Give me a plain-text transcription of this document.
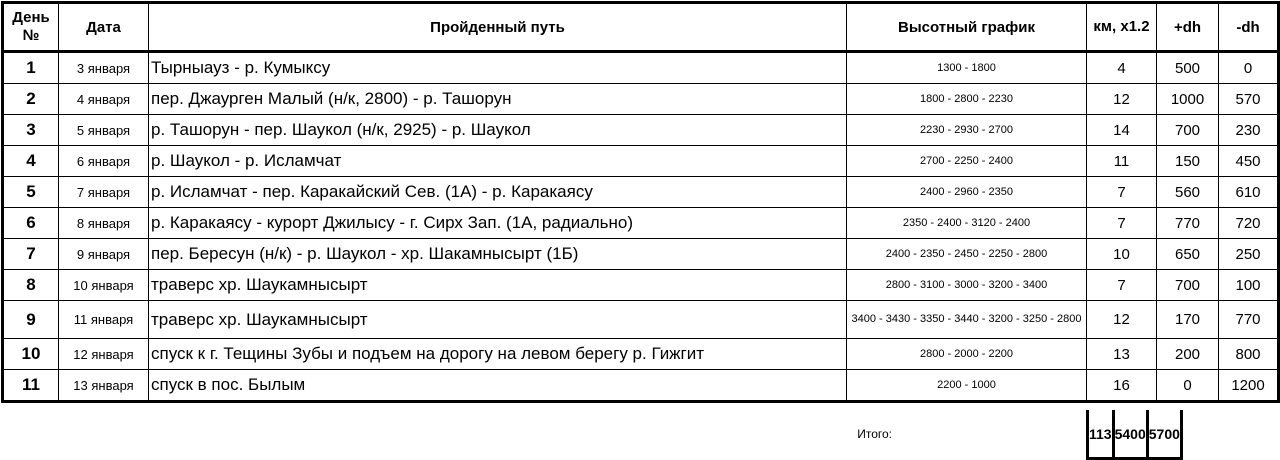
День №	Дата	Пройденный путь	Высотный график	км, x1.2	+dh	-dh
1	3 января	Тырныауз - р. Кумыксу	1300 - 1800	4	500	0
2	4 января	пер. Джаурген Малый (н/к, 2800) - р. Ташорун	1800 - 2800 - 2230	12	1000	570
3	5 января	р. Ташорун - пер. Шаукол (н/к, 2925) - р. Шаукол	2230 - 2930 - 2700	14	700	230
4	6 января	р. Шаукол - р. Исламчат	2700 - 2250 - 2400	11	150	450
5	7 января	р. Исламчат - пер. Каракайский Сев. (1А) - р. Каракаясу	2400 - 2960 - 2350	7	560	610
6	8 января	р. Каракаясу - курорт Джилысу - г. Сирх Зап. (1А, радиально)	2350 - 2400 - 3120 - 2400	7	770	720
7	9 января	пер. Бересун (н/к) - р. Шаукол - хр. Шакамнысырт (1Б)	2400 - 2350 - 2450 - 2250 - 2800	10	650	250
8	10 января	траверс хр. Шаукамнысырт	2800 - 3100 - 3000 - 3200 - 3400	7	700	100
9	11 января	траверс хр. Шаукамнысырт	3400 - 3430 - 3350 - 3440 - 3200 - 3250 - 2800	12	170	770
10	12 января	спуск к г. Тещины Зубы и подъем на дорогу на левом берегу р. Гижгит	2800 - 2000 - 2200	13	200	800
11	13 января	спуск в пос. Былым	2200 - 1000	16	0	1200
Итого:	113	5400	5700
